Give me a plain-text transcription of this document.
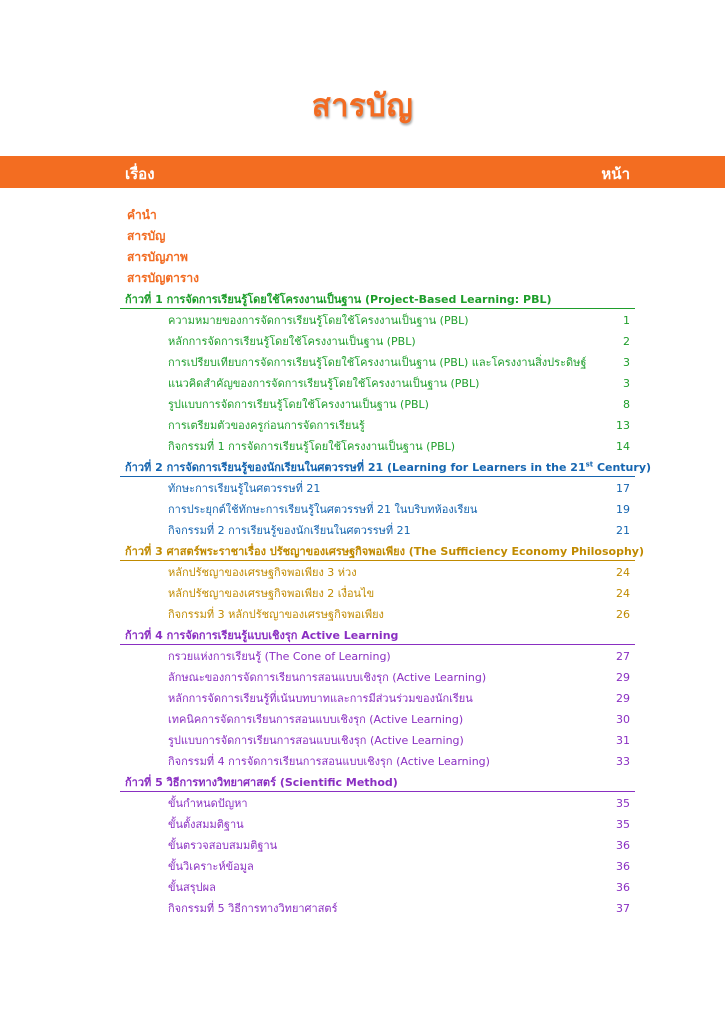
สารบัญ
เรื่อง	หน้า
คำนำ
สารบัญ
สารบัญภาพ
สารบัญตาราง
ก้าวที่ 1 การจัดการเรียนรู้โดยใช้โครงงานเป็นฐาน (Project-Based Learning: PBL)
ความหมายของการจัดการเรียนรู้โดยใช้โครงงานเป็นฐาน (PBL)	1
หลักการจัดการเรียนรู้โดยใช้โครงงานเป็นฐาน (PBL)	2
การเปรียบเทียบการจัดการเรียนรู้โดยใช้โครงงานเป็นฐาน (PBL) และโครงงานสิ่งประดิษฐ์	3
แนวคิดสำคัญของการจัดการเรียนรู้โดยใช้โครงงานเป็นฐาน (PBL)	3
รูปแบบการจัดการเรียนรู้โดยใช้โครงงานเป็นฐาน (PBL)	8
การเตรียมตัวของครูก่อนการจัดการเรียนรู้	13
กิจกรรมที่ 1 การจัดการเรียนรู้โดยใช้โครงงานเป็นฐาน (PBL)	14
ก้าวที่ 2 การจัดการเรียนรู้ของนักเรียนในศตวรรษที่ 21 (Learning for Learners in the 21st Century)
ทักษะการเรียนรู้ในศตวรรษที่ 21	17
การประยุกต์ใช้ทักษะการเรียนรู้ในศตวรรษที่ 21 ในบริบทห้องเรียน	19
กิจกรรมที่ 2 การเรียนรู้ของนักเรียนในศตวรรษที่ 21	21
ก้าวที่ 3 ศาสตร์พระราชาเรื่อง ปรัชญาของเศรษฐกิจพอเพียง (The Sufficiency Economy Philosophy)
หลักปรัชญาของเศรษฐกิจพอเพียง 3 ห่วง	24
หลักปรัชญาของเศรษฐกิจพอเพียง 2 เงื่อนไข	24
กิจกรรมที่ 3 หลักปรัชญาของเศรษฐกิจพอเพียง	26
ก้าวที่ 4 การจัดการเรียนรู้แบบเชิงรุก Active Learning
กรวยแห่งการเรียนรู้ (The Cone of Learning)	27
ลักษณะของการจัดการเรียนการสอนแบบเชิงรุก (Active Learning)	29
หลักการจัดการเรียนรู้ที่เน้นบทบาทและการมีส่วนร่วมของนักเรียน	29
เทคนิคการจัดการเรียนการสอนแบบเชิงรุก (Active Learning)	30
รูปแบบการจัดการเรียนการสอนแบบเชิงรุก (Active Learning)	31
กิจกรรมที่ 4 การจัดการเรียนการสอนแบบเชิงรุก (Active Learning)	33
ก้าวที่ 5 วิธีการทางวิทยาศาสตร์ (Scientific Method)
ขั้นกำหนดปัญหา	35
ขั้นตั้งสมมติฐาน	35
ขั้นตรวจสอบสมมติฐาน	36
ขั้นวิเคราะห์ข้อมูล	36
ขั้นสรุปผล	36
กิจกรรมที่ 5 วิธีการทางวิทยาศาสตร์	37
